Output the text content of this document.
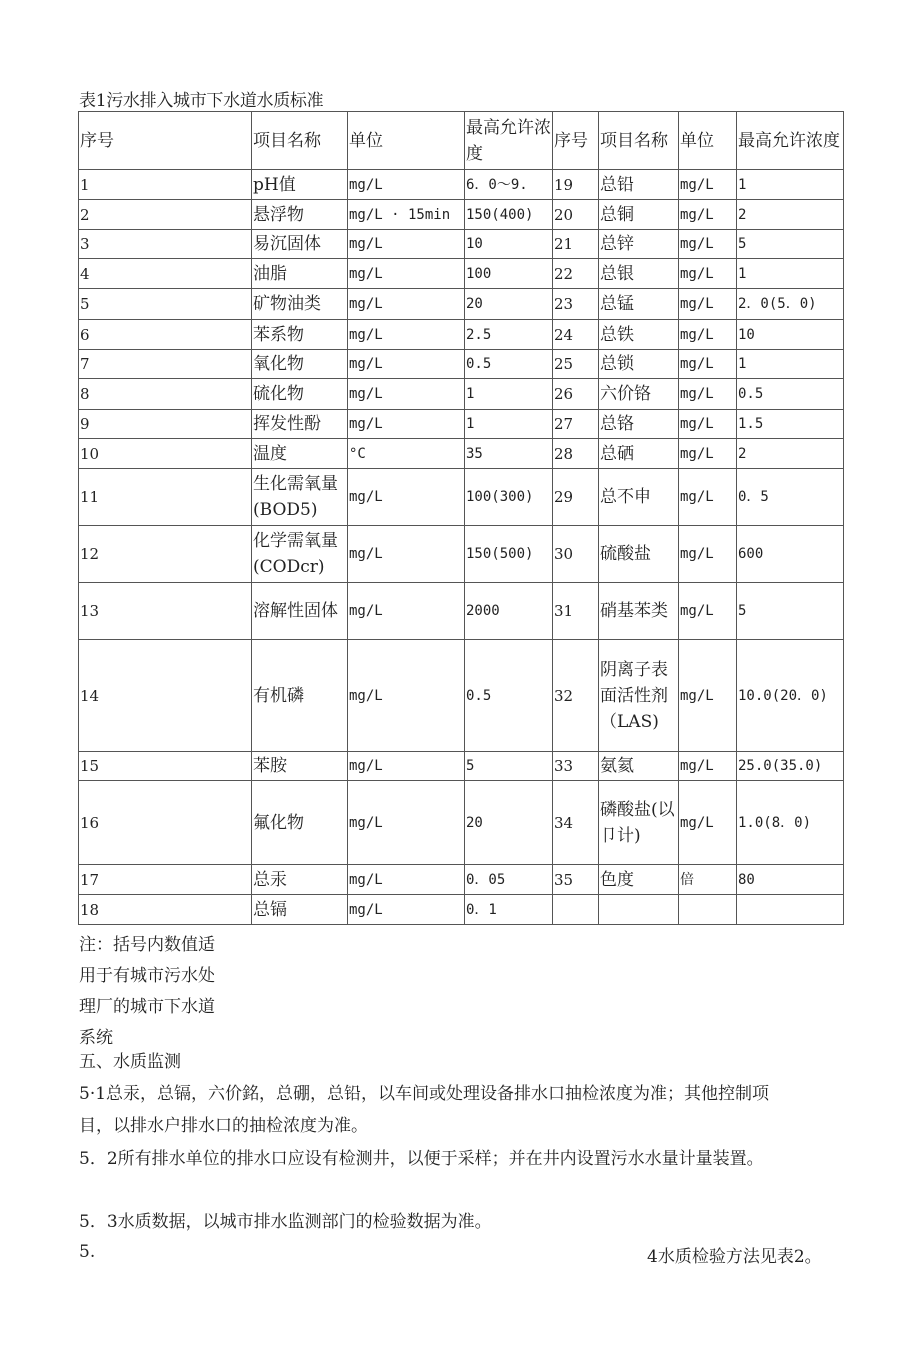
表1污水排入城市下水道水质标准
序号	项目名称	单位	最高允许浓度	序号	项目名称	单位	最高允许浓度
1	pH值	mg/L	6．0～9.	19	总铅	mg/L	1
2	悬浮物	mg/L · 15min	150(400)	20	总铜	mg/L	2
3	易沉固体	mg/L	10	21	总锌	mg/L	5
4	油脂	mg/L	100	22	总银	mg/L	1
5	矿物油类	mg/L	20	23	总锰	mg/L	2．0(5．0)
6	苯系物	mg/L	2.5	24	总铁	mg/L	10
7	氧化物	mg/L	0.5	25	总锁	mg/L	1
8	硫化物	mg/L	1	26	六价铬	mg/L	0.5
9	挥发性酚	mg/L	1	27	总铬	mg/L	1.5
10	温度	°C	35	28	总硒	mg/L	2
11	生化需氧量(BOD5)	mg/L	100(300)	29	总不申	mg/L	0．5
12	化学需氧量(CODcr)	mg/L	150(500)	30	硫酸盐	mg/L	600
13	溶解性固体	mg/L	2000	31	硝基苯类	mg/L	5
14	有机磷	mg/L	0.5	32	阴离子表面活性剂（LAS)	mg/L	10.0(20．0)
15	苯胺	mg/L	5	33	氨氦	mg/L	25.0(35.0)
16	氟化物	mg/L	20	34	磷酸盐(以卩计)	mg/L	1.0(8．0)
17	总汞	mg/L	0．05	35	色度	倍	80
18	总镉	mg/L	0．1				
注：括号内数值适
用于有城市污水处
理厂的城市下水道
系统
五、水质监测
5·1总汞，总镉，六价銘，总硼，总铅，以车间或处理设备排水口抽检浓度为准；其他控制项目，以排水户排水口的抽检浓度为准。
5．2所有排水单位的排水口应设有检测井，以便于采样；并在井内设置污水水量计量装置。
5．3水质数据，以城市排水监测部门的检验数据为准。
5.	4水质检验方法见表2。
